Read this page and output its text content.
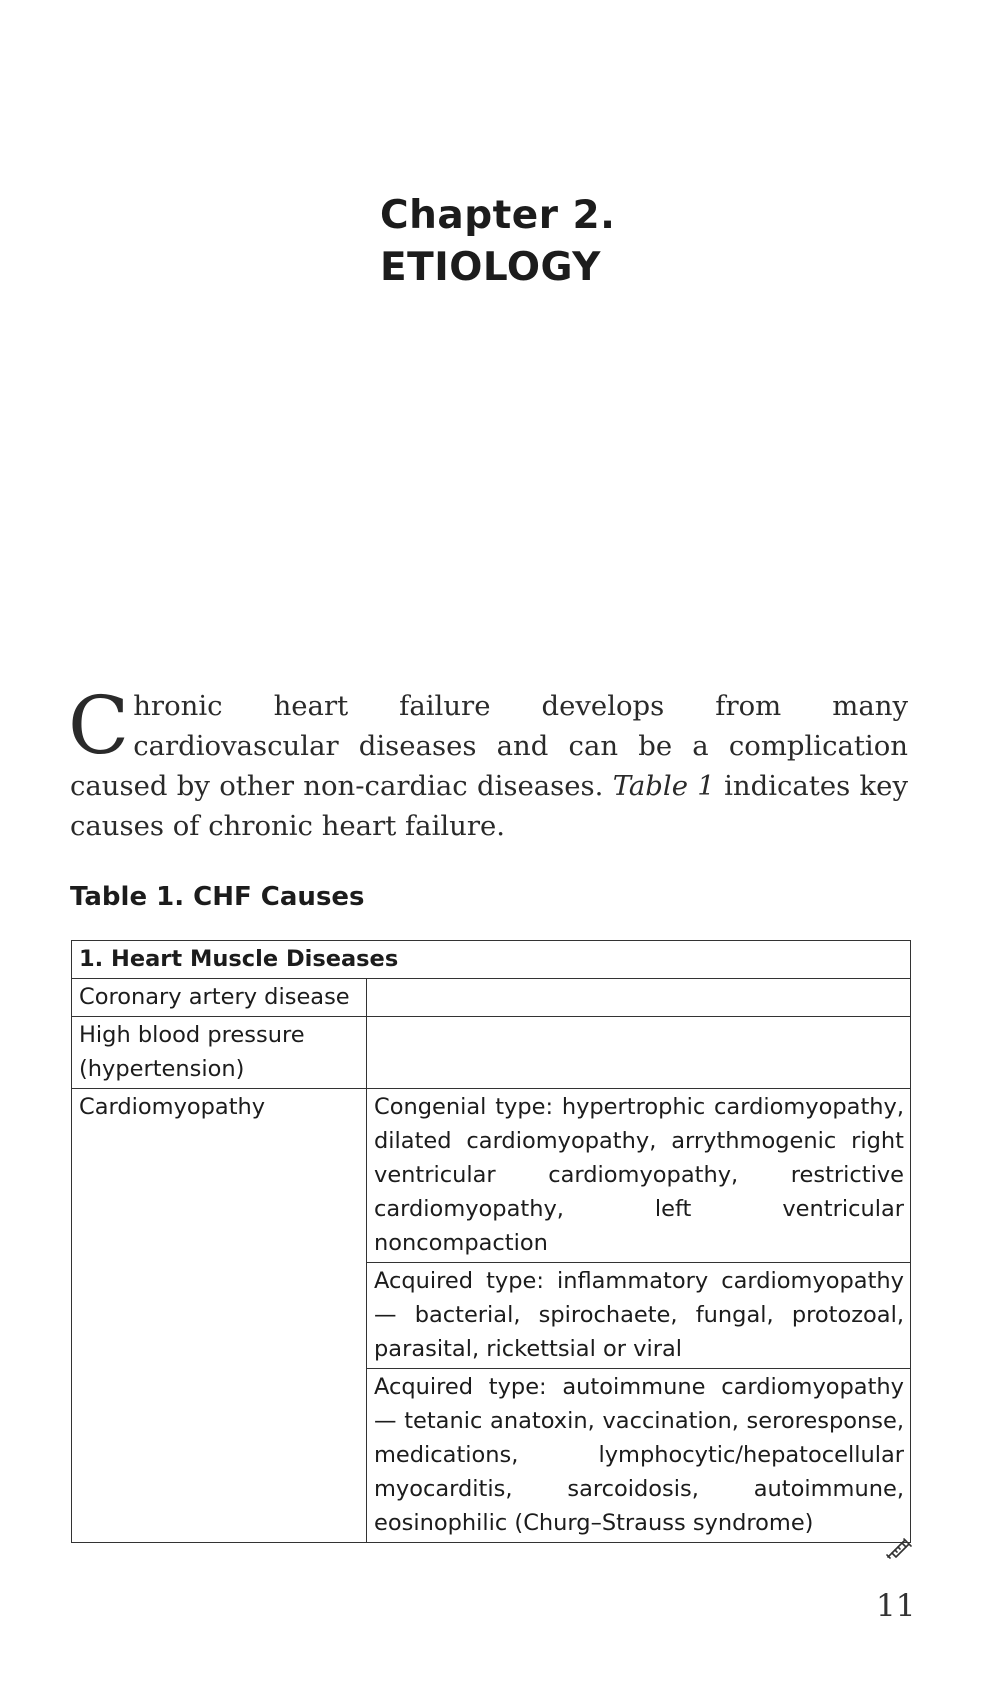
Chapter 2.
ETIOLOGY

Chronic heart failure develops from many cardiovascular diseases and can be a complication caused by other non-cardiac diseases. Table 1 indicates key causes of chronic heart failure.

Table 1. CHF Causes
1. Heart Muscle Diseases	
Coronary artery disease	
High blood pressure (hypertension)	
Cardiomyopathy	Congenial type: hypertrophic cardiomyopathy, dilated cardiomyopathy, arrythmogenic right ventricular cardiomyopathy, restrictive cardiomyopathy, left ventricular noncompaction
	Acquired type: inflammatory cardiomyopathy — bacterial, spirochaete, fungal, protozoal, parasital, rickettsial or viral
	Acquired type: autoimmune cardiomyopathy — tetanic anatoxin, vaccination, seroresponse, medications, lymphocytic/hepatocellular myocarditis, sarcoidosis, autoimmune, eosinophilic (Churg–Strauss syndrome)
11
